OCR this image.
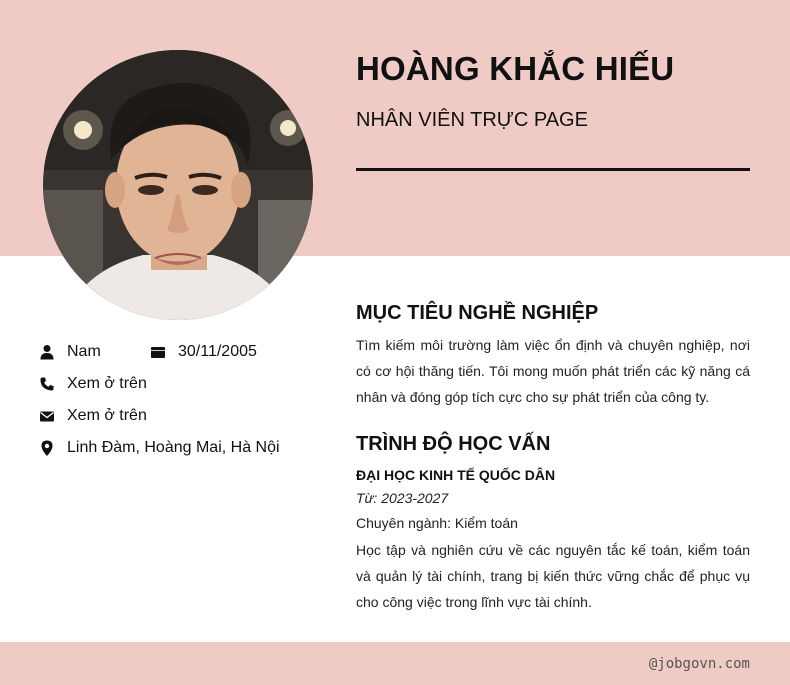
HOÀNG KHẮC HIẾU
NHÂN VIÊN TRỰC PAGE
Nam	30/11/2005
Xem ở trên
Xem ở trên
Linh Đàm, Hoàng Mai, Hà Nội
MỤC TIÊU NGHỀ NGHIỆP
Tìm kiếm môi trường làm việc ổn định và chuyên nghiệp, nơi có cơ hội thăng tiến. Tôi mong muốn phát triển các kỹ năng cá nhân và đóng góp tích cực cho sự phát triển của công ty.
TRÌNH ĐỘ HỌC VẤN
ĐẠI HỌC KINH TẾ QUỐC DÂN
Từ: 2023-2027
Chuyên ngành: Kiểm toán
Học tập và nghiên cứu về các nguyên tắc kế toán, kiểm toán và quản lý tài chính, trang bị kiến thức vững chắc để phục vụ cho công việc trong lĩnh vực tài chính.
@jobgovn.com
